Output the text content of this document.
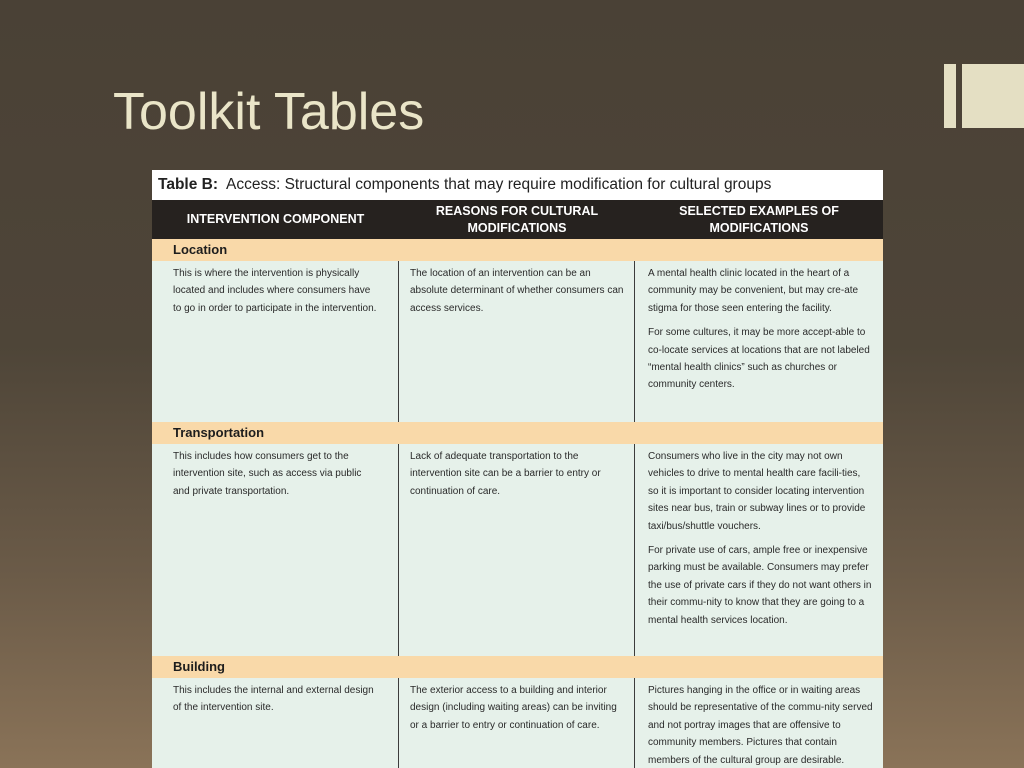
Toolkit Tables
Table B: Access: Structural components that may require modification for cultural groups
INTERVENTION COMPONENT
REASONS FOR CULTURAL MODIFICATIONS
SELECTED EXAMPLES OF MODIFICATIONS
Location

This is where the intervention is physically located and includes where consumers have to go in order to participate in the intervention.

The location of an intervention can be an absolute determinant of whether consumers can access services.

A mental health clinic located in the heart of a community may be convenient, but may cre-ate stigma for those seen entering the facility.

For some cultures, it may be more accept-able to co-locate services at locations that are not labeled “mental health clinics” such as churches or community centers.

Transportation

This includes how consumers get to the intervention site, such as access via public and private transportation.

Lack of adequate transportation to the intervention site can be a barrier to entry or continuation of care.

Consumers who live in the city may not own vehicles to drive to mental health care facili-ties, so it is important to consider locating intervention sites near bus, train or subway lines or to provide taxi/bus/shuttle vouchers.

For private use of cars, ample free or inexpensive parking must be available. Consumers may prefer the use of private cars if they do not want others in their commu-nity to know that they are going to a mental health services location.

Building

This includes the internal and external design of the intervention site.

The exterior access to a building and interior design (including waiting areas) can be inviting or a barrier to entry or continuation of care.

Pictures hanging in the office or in waiting areas should be representative of the commu-nity served and not portray images that are offensive to community members. Pictures that contain members of the cultural group are desirable.
